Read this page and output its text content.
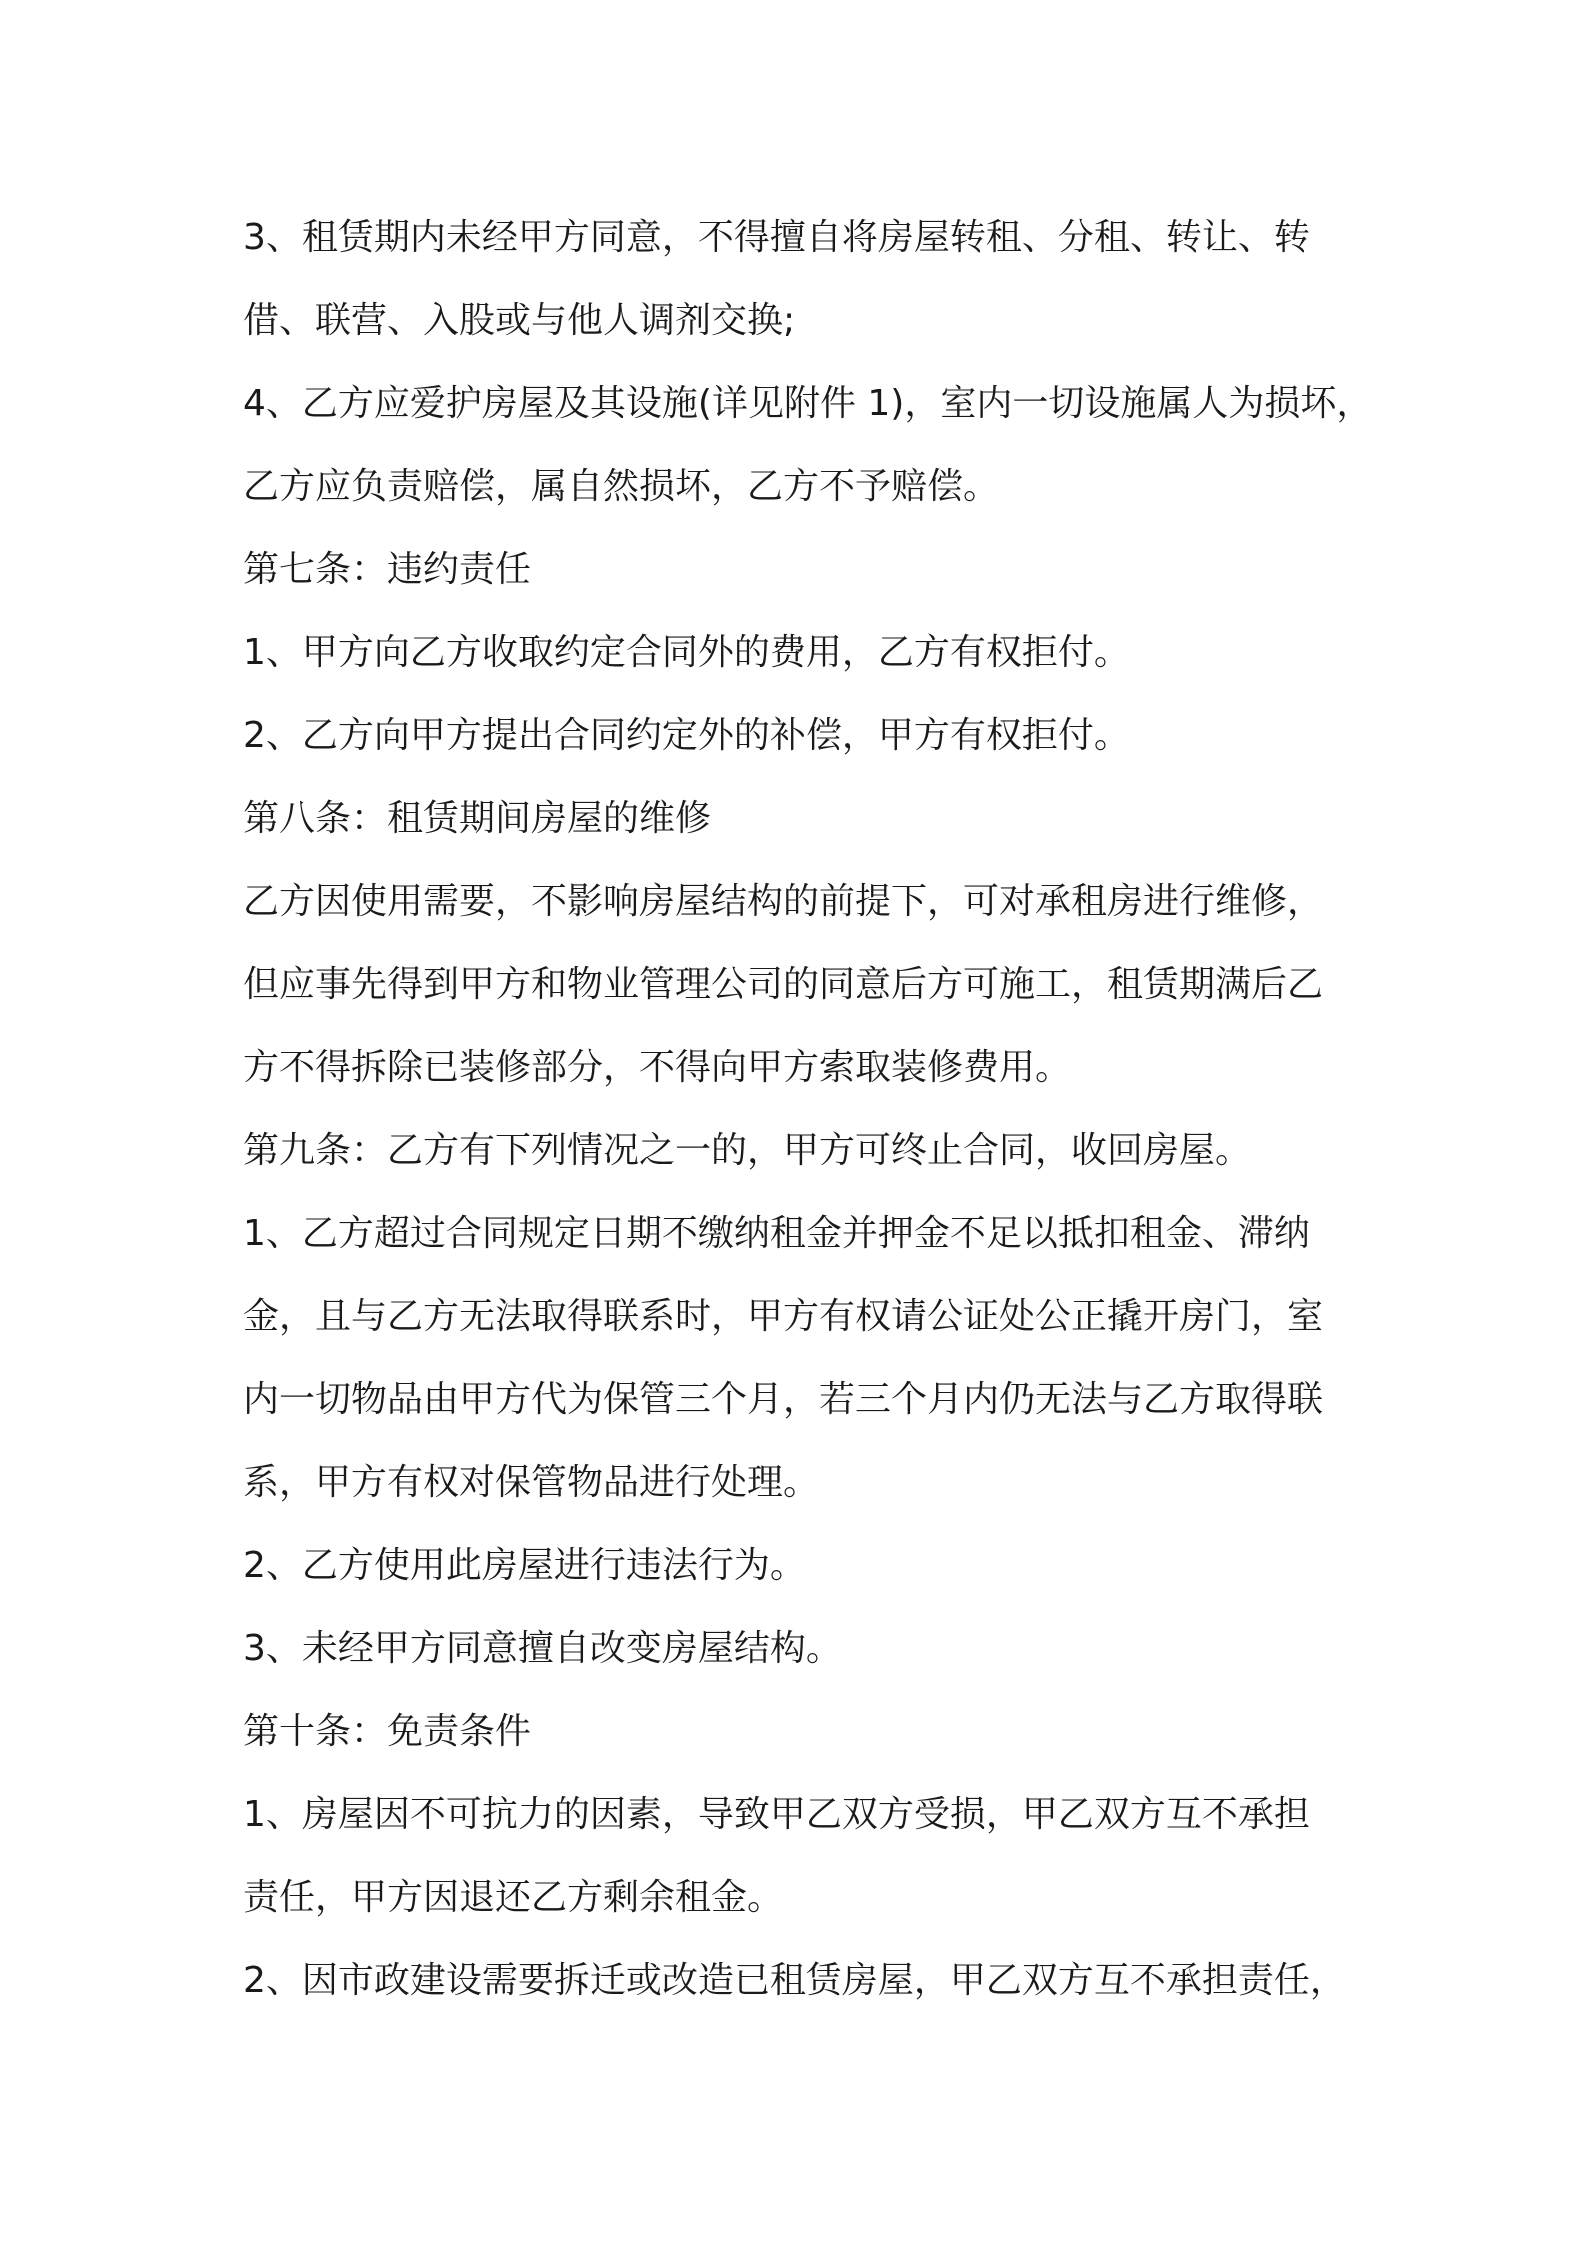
3、租赁期内未经甲方同意，不得擅自将房屋转租、分租、转让、转
借、联营、入股或与他人调剂交换;
4、乙方应爱护房屋及其设施(详见附件 1)，室内一切设施属人为损坏，
乙方应负责赔偿，属自然损坏，乙方不予赔偿。
第七条：违约责任
1、甲方向乙方收取约定合同外的费用，乙方有权拒付。
2、乙方向甲方提出合同约定外的补偿，甲方有权拒付。
第八条：租赁期间房屋的维修
乙方因使用需要，不影响房屋结构的前提下，可对承租房进行维修，
但应事先得到甲方和物业管理公司的同意后方可施工，租赁期满后乙
方不得拆除已装修部分，不得向甲方索取装修费用。
第九条：乙方有下列情况之一的，甲方可终止合同，收回房屋。
1、乙方超过合同规定日期不缴纳租金并押金不足以抵扣租金、滞纳
金，且与乙方无法取得联系时，甲方有权请公证处公正撬开房门，室
内一切物品由甲方代为保管三个月，若三个月内仍无法与乙方取得联
系，甲方有权对保管物品进行处理。
2、乙方使用此房屋进行违法行为。
3、未经甲方同意擅自改变房屋结构。
第十条：免责条件
1、房屋因不可抗力的因素，导致甲乙双方受损，甲乙双方互不承担
责任，甲方因退还乙方剩余租金。
2、因市政建设需要拆迁或改造已租赁房屋，甲乙双方互不承担责任，
